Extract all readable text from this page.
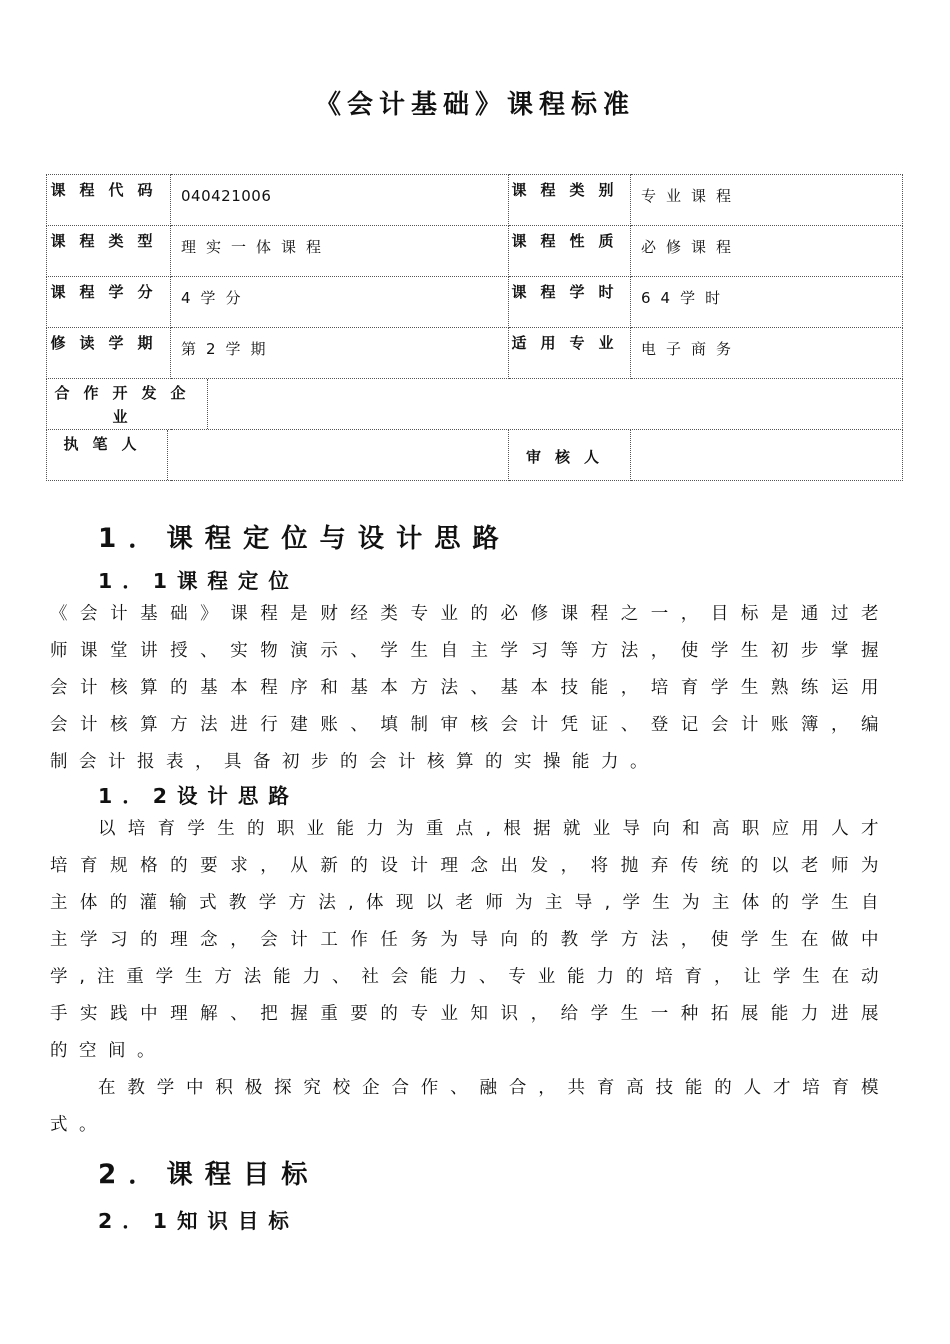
《会计基础》课程标准
课程代码	040421006	课程类别	专业课程
课程类型	理实一体课程	课程性质	必修课程
课程学分	4学分	课程学时	64学时
修读学期	第2学期	适用专业	电子商务

合作开发企业			

执笔人		审核人	
1．课程定位与设计思路
1．1课程定位

《会计基础》课程是财经类专业的必修课程之一，目标是通过老师课堂讲授、实物演示、学生自主学习等方法，使学生初步掌握会计核算的基本程序和基本方法、基本技能，培育学生熟练运用会计核算方法进行建账、填制审核会计凭证、登记会计账簿，编制会计报表，具备初步的会计核算的实操能力。

1．2设计思路

以培育学生的职业能力为重点,根据就业导向和高职应用人才培育规格的要求，从新的设计理念出发，将抛弃传统的以老师为主体的灌输式教学方法,体现以老师为主导,学生为主体的学生自主学习的理念，会计工作任务为导向的教学方法，使学生在做中学,注重学生方法能力、社会能力、专业能力的培育，让学生在动手实践中理解、把握重要的专业知识，给学生一种拓展能力进展的空间。

在教学中积极探究校企合作、融合，共育高技能的人才培育模式。

2．课程目标
2．1知识目标
